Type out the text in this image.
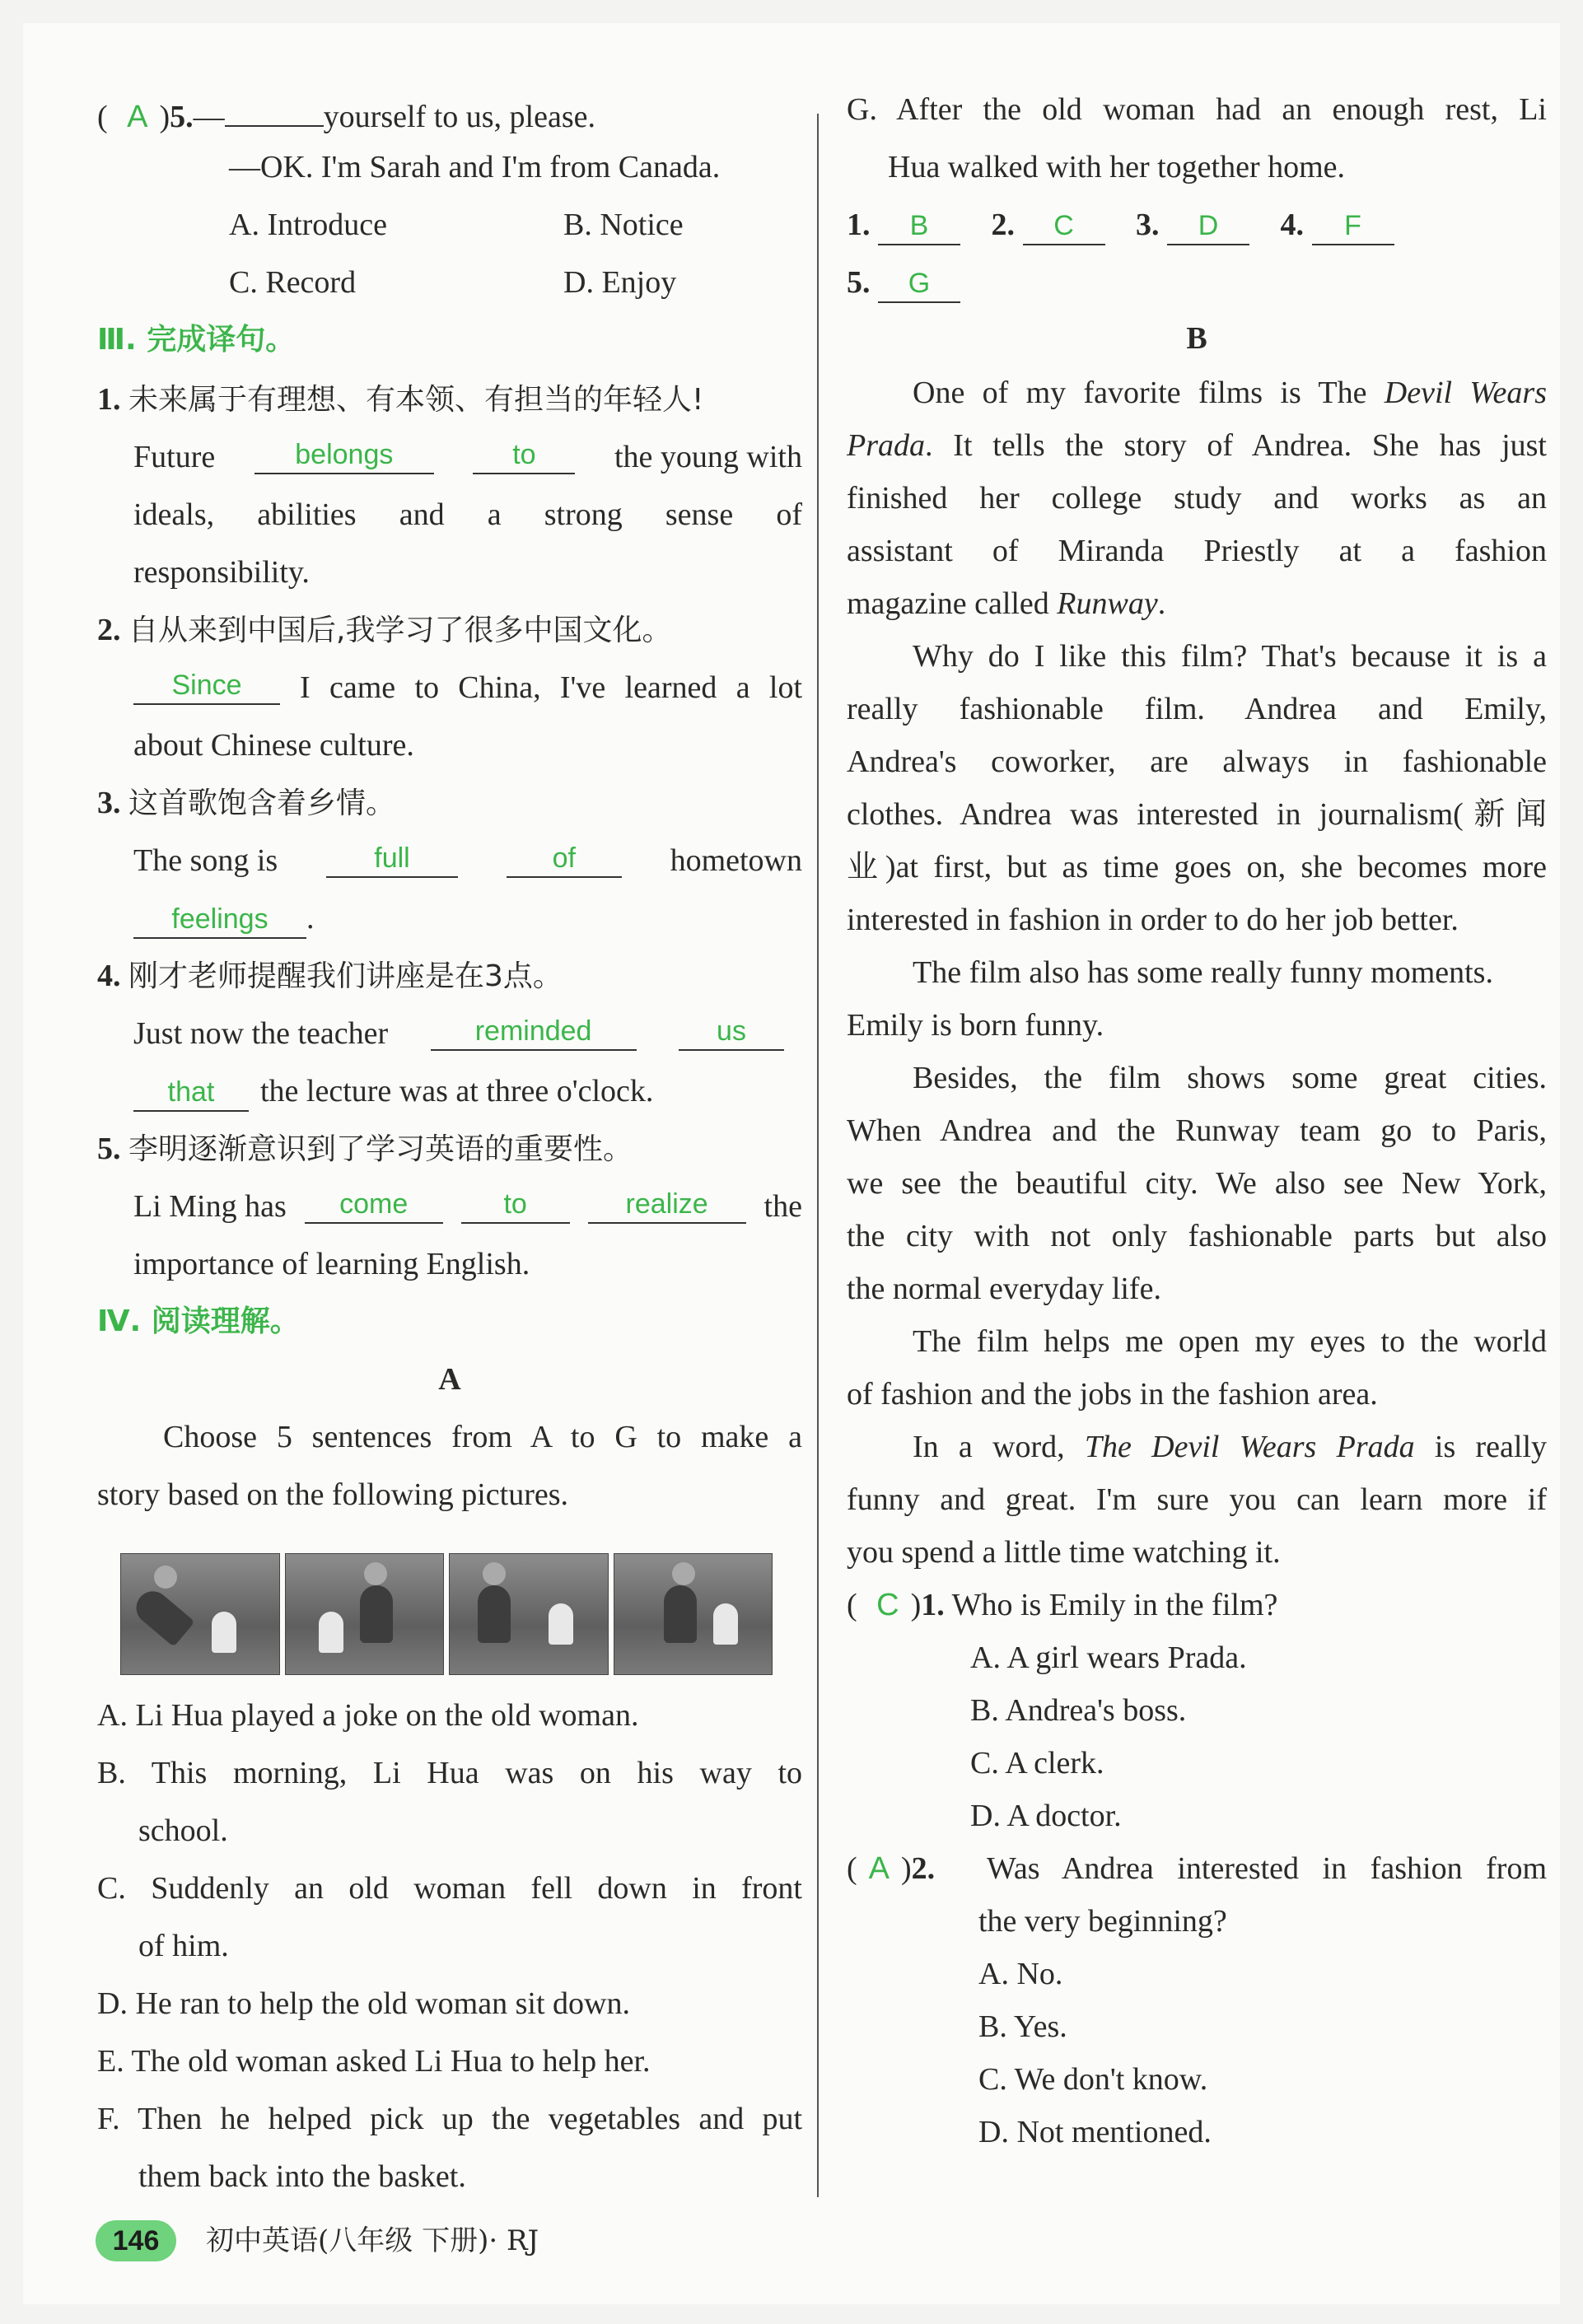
( A )5.—	yourself to us, please.
—OK. I'm Sarah and I'm from Canada.
A. Introduce	B. Notice
C. Record	D. Enjoy
Ⅲ. 完成译句。
1. 未来属于有理想、有本领、有担当的年轻人!
Future	belongs	to	the young with
ideals, abilities and a strong sense of
responsibility.
2. 自从来到中国后,我学习了很多中国文化。
Since	I came to China, I've learned a lot
about Chinese culture.
3. 这首歌饱含着乡情。
The song is	full	of	hometown
feelings .
4. 刚才老师提醒我们讲座是在3点。
Just now the teacher	reminded	us
that the lecture was at three o'clock.
5. 李明逐渐意识到了学习英语的重要性。
Li Ming has	come	to	realize	the
importance of learning English.
Ⅳ. 阅读理解。
A
Choose 5 sentences from A to G to make a
story based on the following pictures.
A. Li Hua played a joke on the old woman.
B. This morning, Li Hua was on his way to
school.
C. Suddenly an old woman fell down in front
of him.
D. He ran to help the old woman sit down.
E. The old woman asked Li Hua to help her.
F. Then he helped pick up the vegetables and put
them back into the basket.
G. After the old woman had an enough rest, Li
Hua walked with her together home.
1. B 2. C 3. D 4. F
5. G
B
One of my favorite films is The Devil Wears
Prada. It tells the story of Andrea. She has just
finished her college study and works as an
assistant of Miranda Priestly at a fashion
magazine called Runway.
Why do I like this film? That's because it is a
really fashionable film. Andrea and Emily,
Andrea's coworker, are always in fashionable
clothes. Andrea was interested in journalism(新闻
业)at first, but as time goes on, she becomes more
interested in fashion in order to do her job better.
The film also has some really funny moments.
Emily is born funny.
Besides, the film shows some great cities.
When Andrea and the Runway team go to Paris,
we see the beautiful city. We also see New York,
the city with not only fashionable parts but also
the normal everyday life.
The film helps me open my eyes to the world
of fashion and the jobs in the fashion area.
In a word, The Devil Wears Prada is really
funny and great. I'm sure you can learn more if
you spend a little time watching it.
( C )1. Who is Emily in the film?
A. A girl wears Prada.
B. Andrea's boss.
C. A clerk.
D. A doctor.
( A )2. Was Andrea interested in fashion from
the very beginning?
A. No.
B. Yes.
C. We don't know.
D. Not mentioned.
146	初中英语(八年级 下册)· RJ
